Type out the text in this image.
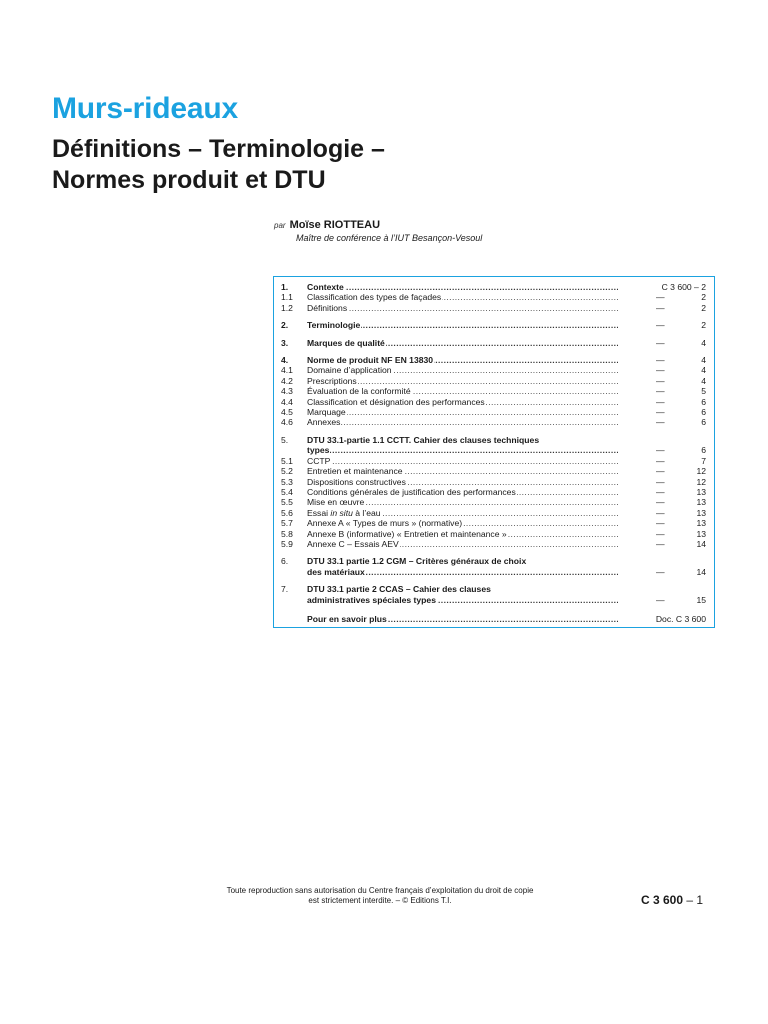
Murs-rideaux
Définitions – Terminologie –
Normes produit et DTU
par Moïse RIOTTEAU
Maître de conférence à l’IUT Besançon-Vesoul
1.	Contexte .....	C 3 600 – 2
1.1	Classification des types de façades .....	—	2
1.2	Définitions .....	—	2
2.	Terminologie .....	—	2
3.	Marques de qualité .....	—	4
4.	Norme de produit NF EN 13830 .....	—	4
4.1	Domaine d’application .....	—	4
4.2	Prescriptions .....	—	4
4.3	Évaluation de la conformité .....	—	5
4.4	Classification et désignation des performances .....	—	6
4.5	Marquage .....	—	6
4.6	Annexes .....	—	6
5.	DTU 33.1-partie 1.1 CCTT. Cahier des clauses techniques
types .....	—	6
5.1	CCTP .....	—	7
5.2	Entretien et maintenance .....	—	12
5.3	Dispositions constructives .....	—	12
5.4	Conditions générales de justification des performances .....	—	13
5.5	Mise en œuvre .....	—	13
5.6	Essai in situ à l’eau .....	—	13
5.7	Annexe A « Types de murs » (normative) .....	—	13
5.8	Annexe B (informative) « Entretien et maintenance » .....	—	13
5.9	Annexe C – Essais AEV .....	—	14
6.	DTU 33.1 partie 1.2 CGM – Critères généraux de choix
des matériaux .....	—	14
7.	DTU 33.1 partie 2 CCAS – Cahier des clauses
administratives spéciales types .....	—	15
Pour en savoir plus .....	Doc. C 3 600
Toute reproduction sans autorisation du Centre français d’exploitation du droit de copie
est strictement interdite. – © Editions T.I.	C 3 600 – 1
